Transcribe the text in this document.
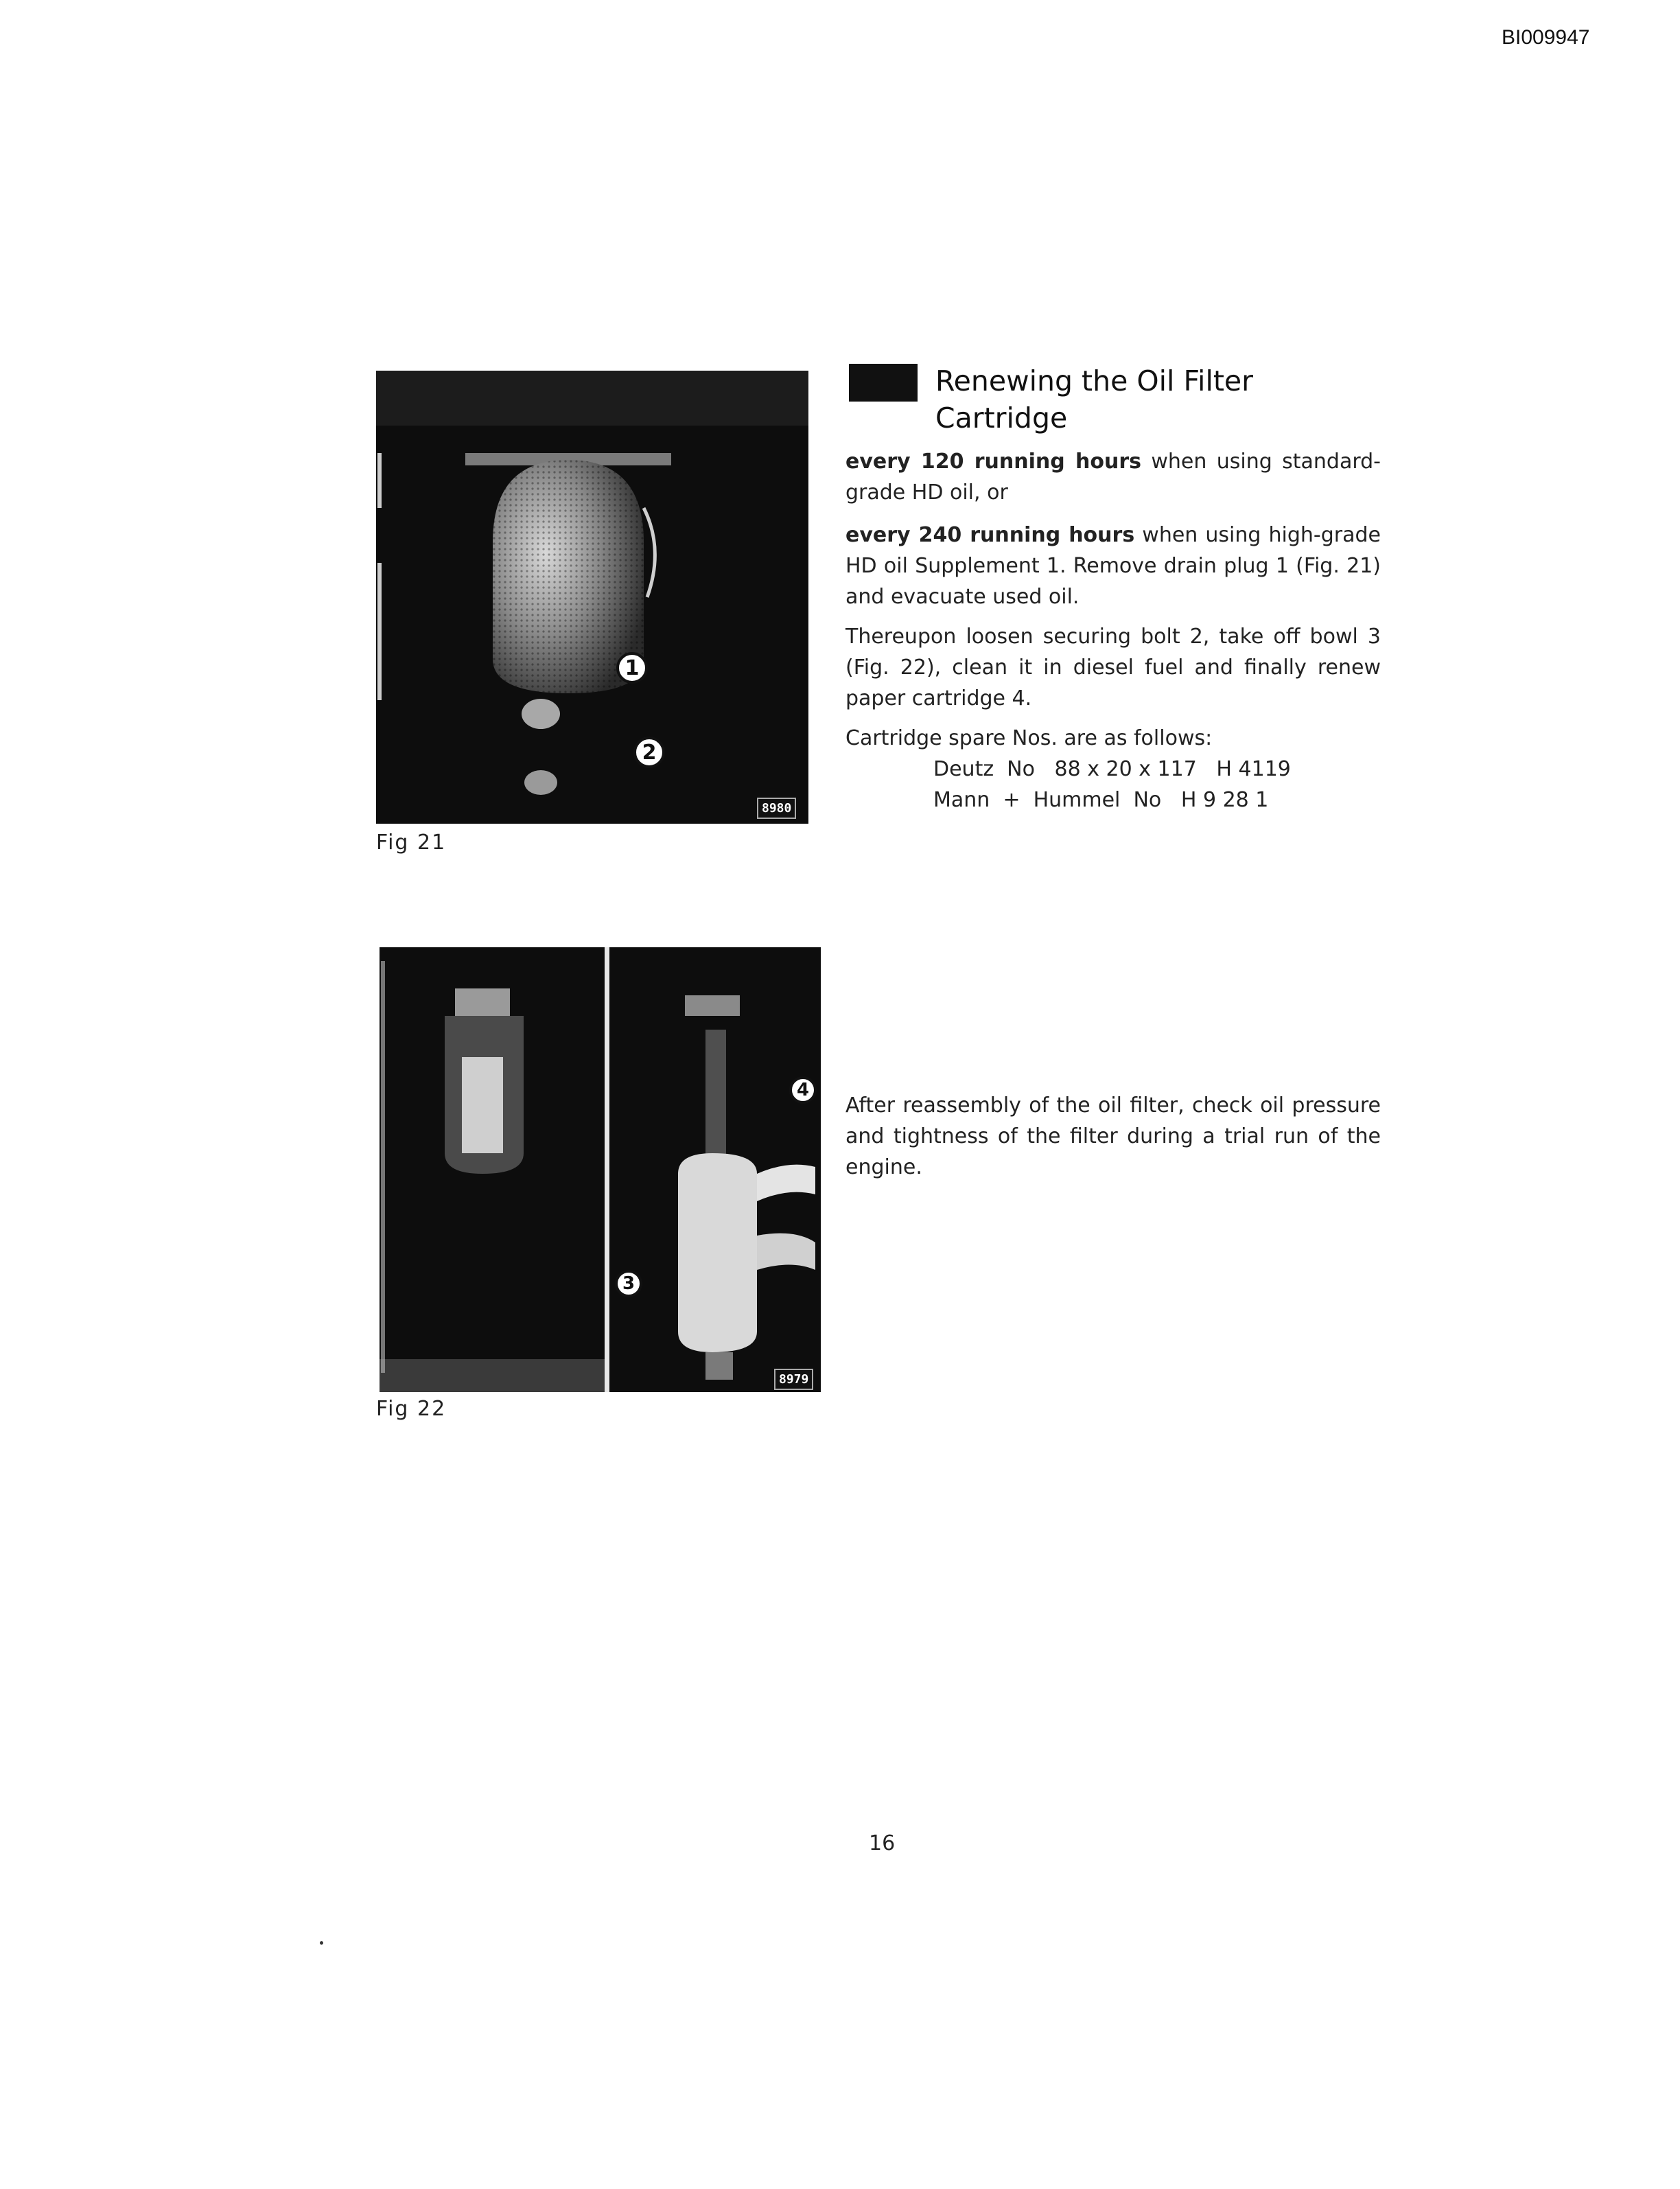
BI009947
1
2
8980
Fig 21
4
3
8979
Fig 22
Renewing the Oil Filter
Cartridge
every 120 running hours when using standard-grade HD oil, or
every 240 running hours when using high-grade HD oil Supplement 1. Remove drain plug 1 (Fig. 21) and evacuate used oil.
Thereupon loosen securing bolt 2, take off bowl 3 (Fig. 22), clean it in diesel fuel and finally renew paper cartridge 4.
Cartridge spare Nos. are as follows:
Deutz  No   88 x 20 x 117   H 4119
Mann  +  Hummel  No   H 9 28 1
After reassembly of the oil filter, check oil pressure and tightness of the filter during a trial run of the engine.
16
